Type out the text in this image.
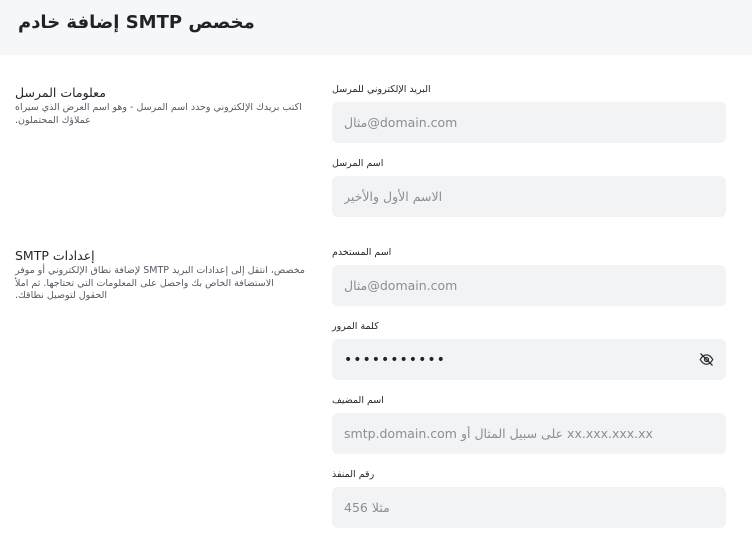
مخصص SMTP إضافة خادم
معلومات المرسل
اكتب بريدك الإلكتروني وحدد اسم المرسل - وهو اسم العرض الذي سيراه عملاؤك المحتملون.
SMTP إعدادات
مخصص، انتقل إلى إعدادات البريد SMTP لإضافة نطاق الإلكتروني أو موفر الاستضافة الخاص بك واحصل على المعلومات التي تحتاجها. ثم املأ الحقول لتوصيل نطاقك.
البريد الإلكتروني للمرسل
مثال@domain.com
اسم المرسل
الاسم الأول والأخير
اسم المستخدم
مثال@domain.com
كلمة المرور
•••••••••••
اسم المضيف
smtp.domain.com على سبيل المثال أو xx.xxx.xxx.xx
رقم المنفذ
مثلا 456
